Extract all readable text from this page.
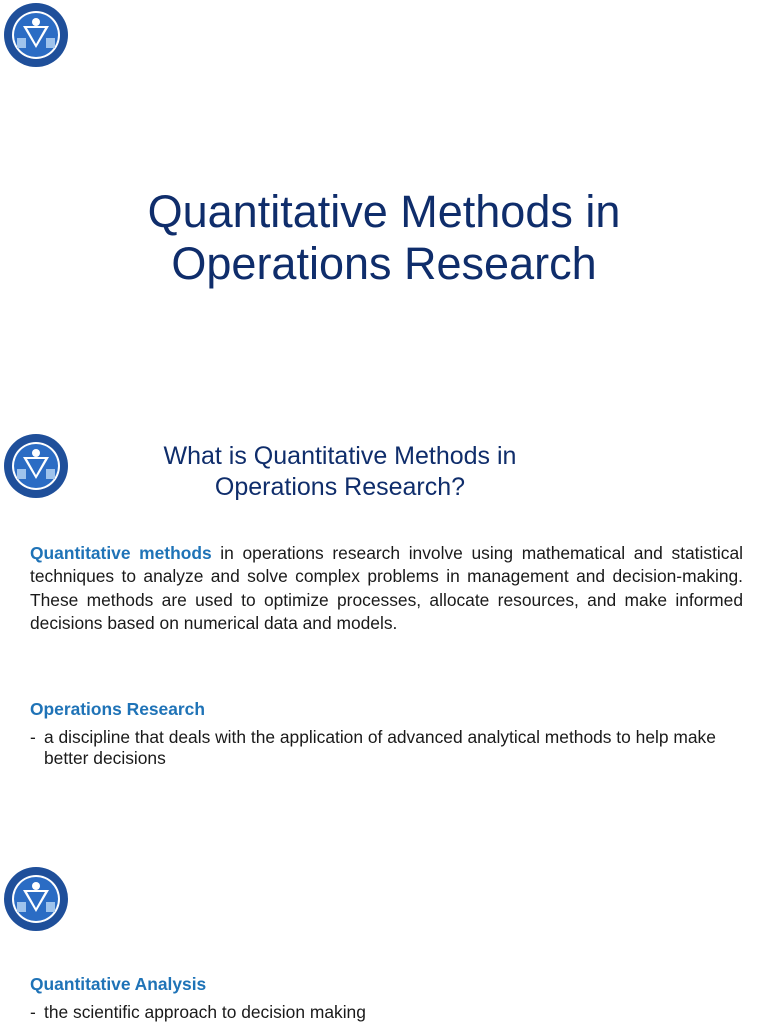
Quantitative Methods in
Operations Research
What is Quantitative Methods in
Operations Research?

Quantitative methods in operations research involve using mathematical and statistical techniques to analyze and solve complex problems in management and decision-making. These methods are used to optimize processes, allocate resources, and make informed decisions based on numerical data and models.

Operations Research

- a discipline that deals with the application of advanced analytical methods to help make better decisions

Quantitative Analysis

- the scientific approach to decision making
